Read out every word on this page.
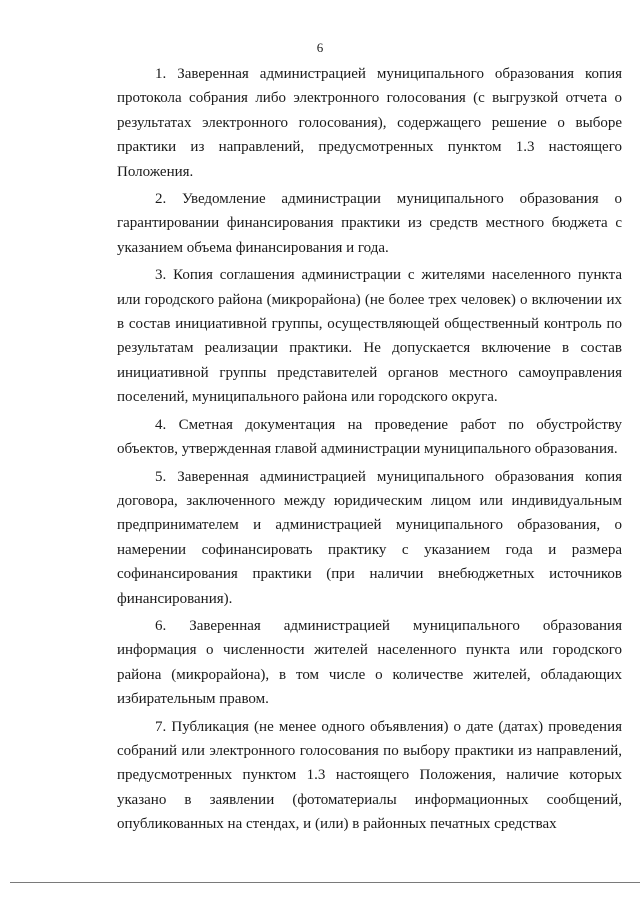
6

1. Заверенная администрацией муниципального образования копия протокола собрания либо электронного голосования (с выгрузкой отчета о результатах электронного голосования), содержащего решение о выборе практики из направлений, предусмотренных пунктом 1.3 настоящего Положения.

2. Уведомление администрации муниципального образования о гарантировании финансирования практики из средств местного бюджета с указанием объема финансирования и года.

3. Копия соглашения администрации с жителями населенного пункта или городского района (микрорайона) (не более трех человек) о включении их в состав инициативной группы, осуществляющей общественный контроль по результатам реализации практики. Не допускается включение в состав инициативной группы представителей органов местного самоуправления поселений, муниципального района или городского округа.

4. Сметная документация на проведение работ по обустройству объектов, утвержденная главой администрации муниципального образования.

5. Заверенная администрацией муниципального образования копия договора, заключенного между юридическим лицом или индивидуальным предпринимателем и администрацией муниципального образования, о намерении софинансировать практику с указанием года и размера софинансирования практики (при наличии внебюджетных источников финансирования).

6. Заверенная администрацией муниципального образования информация о численности жителей населенного пункта или городского района (микрорайона), в том числе о количестве жителей, обладающих избирательным правом.

7. Публикация (не менее одного объявления) о дате (датах) проведения собраний или электронного голосования по выбору практики из направлений, предусмотренных пунктом 1.3 настоящего Положения, наличие которых указано в заявлении (фотоматериалы информационных сообщений, опубликованных на стендах, и (или) в районных печатных средствах
